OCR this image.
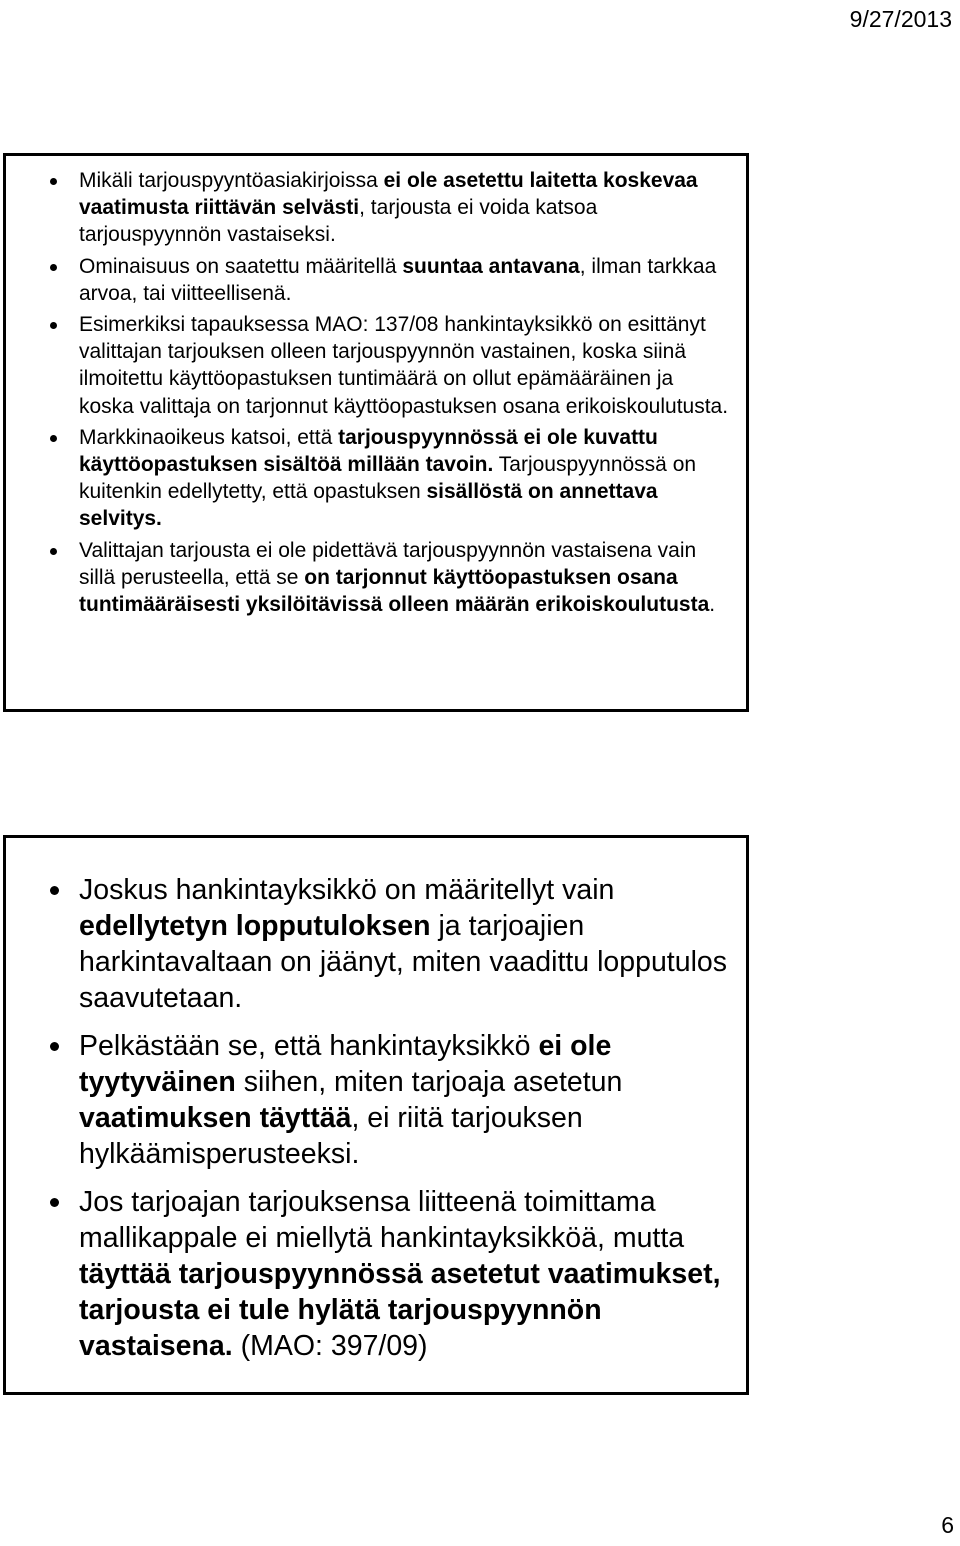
9/27/2013
Mikäli tarjouspyyntöasiakirjoissa ei ole asetettu laitetta koskevaa vaatimusta riittävän selvästi, tarjousta ei voida katsoa tarjouspyynnön vastaiseksi.
Ominaisuus on saatettu määritellä suuntaa antavana, ilman tarkkaa arvoa, tai viitteellisenä.
Esimerkiksi tapauksessa MAO: 137/08 hankintayksikkö on esittänyt valittajan tarjouksen olleen tarjouspyynnön vastainen, koska siinä ilmoitettu käyttöopastuksen tuntimäärä on ollut epämääräinen ja koska valittaja on tarjonnut käyttöopastuksen osana erikoiskoulutusta.
Markkinaoikeus katsoi, että tarjouspyynnössä ei ole kuvattu käyttöopastuksen sisältöä millään tavoin. Tarjouspyynnössä on kuitenkin edellytetty, että opastuksen sisällöstä on annettava selvitys.
Valittajan tarjousta ei ole pidettävä tarjouspyynnön vastaisena vain sillä perusteella, että se on tarjonnut käyttöopastuksen osana tuntimääräisesti yksilöitävissä olleen määrän erikoiskoulutusta.
Joskus hankintayksikkö on määritellyt vain edellytetyn lopputuloksen ja tarjoajien harkintavaltaan on jäänyt, miten vaadittu lopputulos saavutetaan.
Pelkästään se, että hankintayksikkö ei ole tyytyväinen siihen, miten tarjoaja asetetun vaatimuksen täyttää, ei riitä tarjouksen hylkäämisperusteeksi.
Jos tarjoajan tarjouksensa liitteenä toimittama mallikappale ei miellytä hankintayksikköä, mutta täyttää tarjouspyynnössä asetetut vaatimukset, tarjousta ei tule hylätä tarjouspyynnön vastaisena. (MAO: 397/09)
6
